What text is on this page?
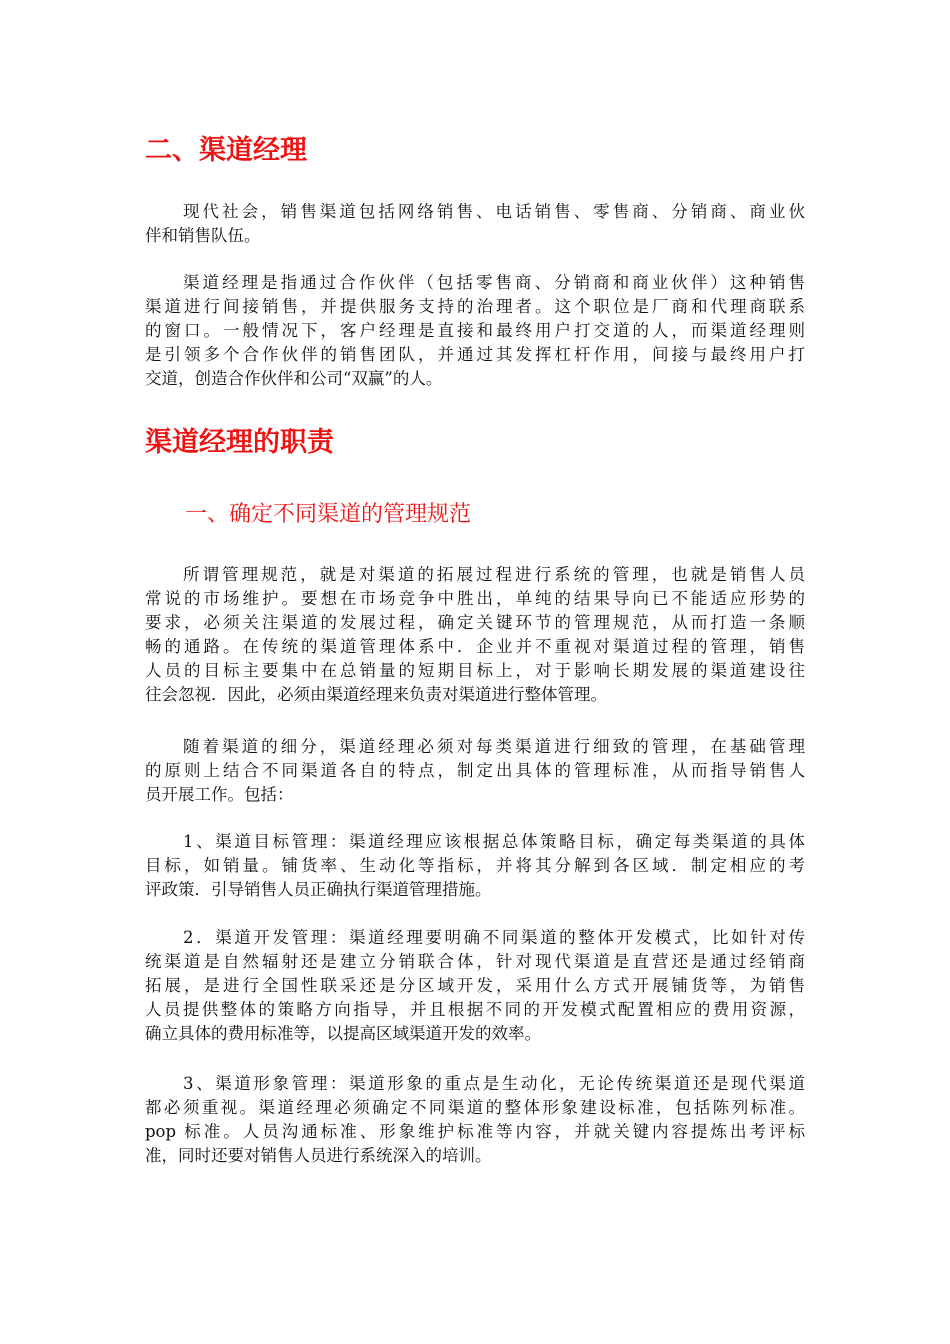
二、渠道经理
现代社会，销售渠道包括网络销售、电话销售、零售商、分销商、商业伙
伴和销售队伍。
渠道经理是指通过合作伙伴（包括零售商、分销商和商业伙伴）这种销售
渠道进行间接销售，并提供服务支持的治理者。这个职位是厂商和代理商联系
的窗口。一般情况下，客户经理是直接和最终用户打交道的人，而渠道经理则
是引领多个合作伙伴的销售团队，并通过其发挥杠杆作用，间接与最终用户打
交道，创造合作伙伴和公司“双赢”的人。
渠道经理的职责
一、确定不同渠道的管理规范
所谓管理规范，就是对渠道的拓展过程进行系统的管理，也就是销售人员
常说的市场维护。要想在市场竞争中胜出，单纯的结果导向已不能适应形势的
要求，必须关注渠道的发展过程，确定关键环节的管理规范，从而打造一条顺
畅的通路。在传统的渠道管理体系中．企业并不重视对渠道过程的管理，销售
人员的目标主要集中在总销量的短期目标上，对于影响长期发展的渠道建设往
往会忽视．因此，必须由渠道经理来负责对渠道进行整体管理。
随着渠道的细分，渠道经理必须对每类渠道进行细致的管理，在基础管理
的原则上结合不同渠道各自的特点，制定出具体的管理标准，从而指导销售人
员开展工作。包括：
1、渠道目标管理：渠道经理应该根据总体策略目标，确定每类渠道的具体
目标，如销量。铺货率、生动化等指标，并将其分解到各区域．制定相应的考
评政策．引导销售人员正确执行渠道管理措施。
2．渠道开发管理：渠道经理要明确不同渠道的整体开发模式，比如针对传
统渠道是自然辐射还是建立分销联合体，针对现代渠道是直营还是通过经销商
拓展，是进行全国性联采还是分区域开发，采用什么方式开展铺货等，为销售
人员提供整体的策略方向指导，并且根据不同的开发模式配置相应的费用资源，
确立具体的费用标准等，以提高区域渠道开发的效率。
3、渠道形象管理：渠道形象的重点是生动化，无论传统渠道还是现代渠道
都必须重视。渠道经理必须确定不同渠道的整体形象建设标准，包括陈列标准。
pop 标准。人员沟通标准、形象维护标准等内容，并就关键内容提炼出考评标
准，同时还要对销售人员进行系统深入的培训。
